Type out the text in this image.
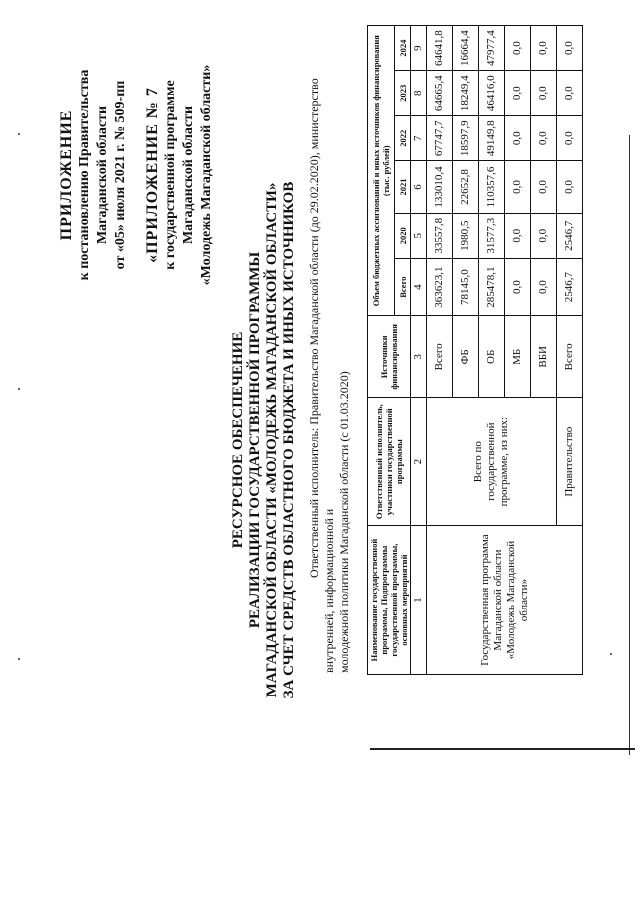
ПРИЛОЖЕНИЕ к постановлению Правительства Магаданской области от «05» июля 2021 г. № 509-пп «ПРИЛОЖЕНИЕ № 7 к государственной программе Магаданской области «Молодежь Магаданской области»
РЕСУРСНОЕ ОБЕСПЕЧЕНИЕ РЕАЛИЗАЦИИ ГОСУДАРСТВЕННОЙ ПРОГРАММЫ МАГАДАНСКОЙ ОБЛАСТИ «МОЛОДЕЖЬ МАГАДАНСКОЙ ОБЛАСТИ» ЗА СЧЕТ СРЕДСТВ ОБЛАСТНОГО БЮДЖЕТА И ИНЫХ ИСТОЧНИКОВ Ответственный исполнитель: Правительство Магаданской области (до 29.02.2020), министерство внутренней, информационной и молодежной политики Магаданской области (с 01.03.2020) Наименование государственной программы, Подпрограммы государственной программы, основных мероприятий	Ответственный исполнитель, участники государственной программы	Источники финансирования	Объем бюджетных ассигнований и иных источников финансирования (тыс. рублей)					
			Всего	2020	2021	2022	2023	2024
1	2	3	4	5	6	7	8	9
Государственная программа Магаданской области «Молодежь Магаданской области»	Всего по государственной программе, из них:	Всего	363623,1	33557,8	133010,4	67747,7	64665,4	64641,8
		ФБ	78145,0	1980,5	22652,8	18597,9	18249,4	16664,4
		ОБ	285478,1	31577,3	110357,6	49149,8	46416,0	47977,4
		МБ	0,0	0,0	0,0	0,0	0,0	0,0
		ВБИ	0,0	0,0	0,0	0,0	0,0	0,0
	Правительство	Всего	2546,7	2546,7	0,0	0,0	0,0	0,0
